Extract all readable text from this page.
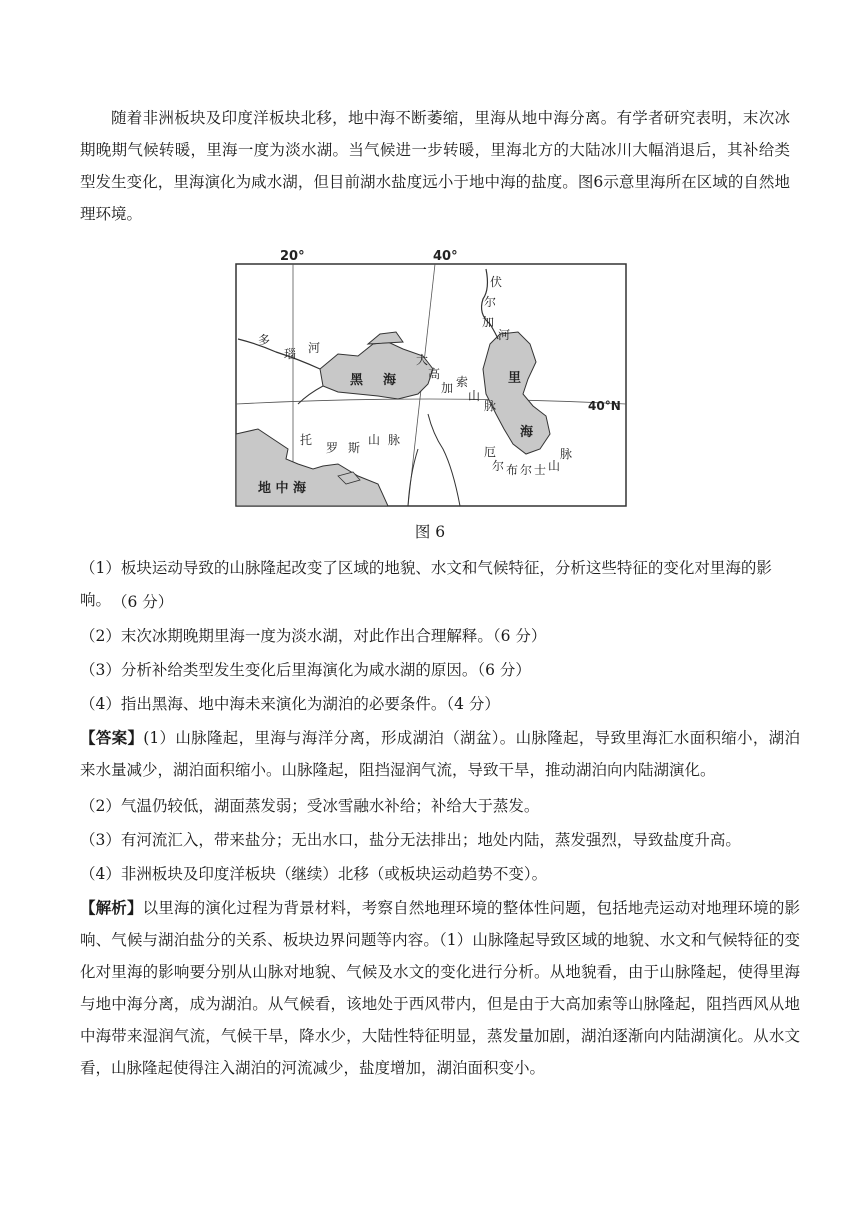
随着非洲板块及印度洋板块北移，地中海不断萎缩，里海从地中海分离。有学者研究表明，末次冰期晚期气候转暖，里海一度为淡水湖。当气候进一步转暖，里海北方的大陆冰川大幅消退后，其补给类型发生变化，里海演化为咸水湖，但目前湖水盐度远小于地中海的盐度。图6示意里海所在区域的自然地理环境。

20°	40°
40°N
多
瑙 河
黑 海
大
高
加 索
山
脉
伏
尔
加
河
里
海
托
罗 斯
山 脉
厄
尔 布 尔 士 山
脉
地 中 海
图 6

（1）板块运动导致的山脉隆起改变了区域的地貌、水文和气候特征，分析这些特征的变化对里海的影响。 （6 分）

（2）末次冰期晚期里海一度为淡水湖，对此作出合理解释。（6 分）

（3）分析补给类型发生变化后里海演化为咸水湖的原因。（6 分）

（4）指出黑海、地中海未来演化为湖泊的必要条件。（4 分）

【答案】(1）山脉隆起，里海与海洋分离，形成湖泊（湖盆）。山脉隆起，导致里海汇水面积缩小，湖泊来水量减少，湖泊面积缩小。山脉隆起，阻挡湿润气流，导致干旱，推动湖泊向内陆湖演化。

（2）气温仍较低，湖面蒸发弱；受冰雪融水补给；补给大于蒸发。

（3）有河流汇入，带来盐分；无出水口，盐分无法排出；地处内陆，蒸发强烈，导致盐度升高。

（4）非洲板块及印度洋板块（继续）北移（或板块运动趋势不变）。

【解析】以里海的演化过程为背景材料，考察自然地理环境的整体性问题，包括地壳运动对地理环境的影响、气候与湖泊盐分的关系、板块边界问题等内容。（1）山脉隆起导致区域的地貌、水文和气候特征的变化对里海的影响要分别从山脉对地貌、气候及水文的变化进行分析。从地貌看，由于山脉隆起，使得里海与地中海分离，成为湖泊。从气候看，该地处于西风带内，但是由于大高加索等山脉隆起，阻挡西风从地中海带来湿润气流，气候干旱，降水少，大陆性特征明显，蒸发量加剧，湖泊逐渐向内陆湖演化。从水文看，山脉隆起使得注入湖泊的河流减少，盐度增加，湖泊面积变小。
